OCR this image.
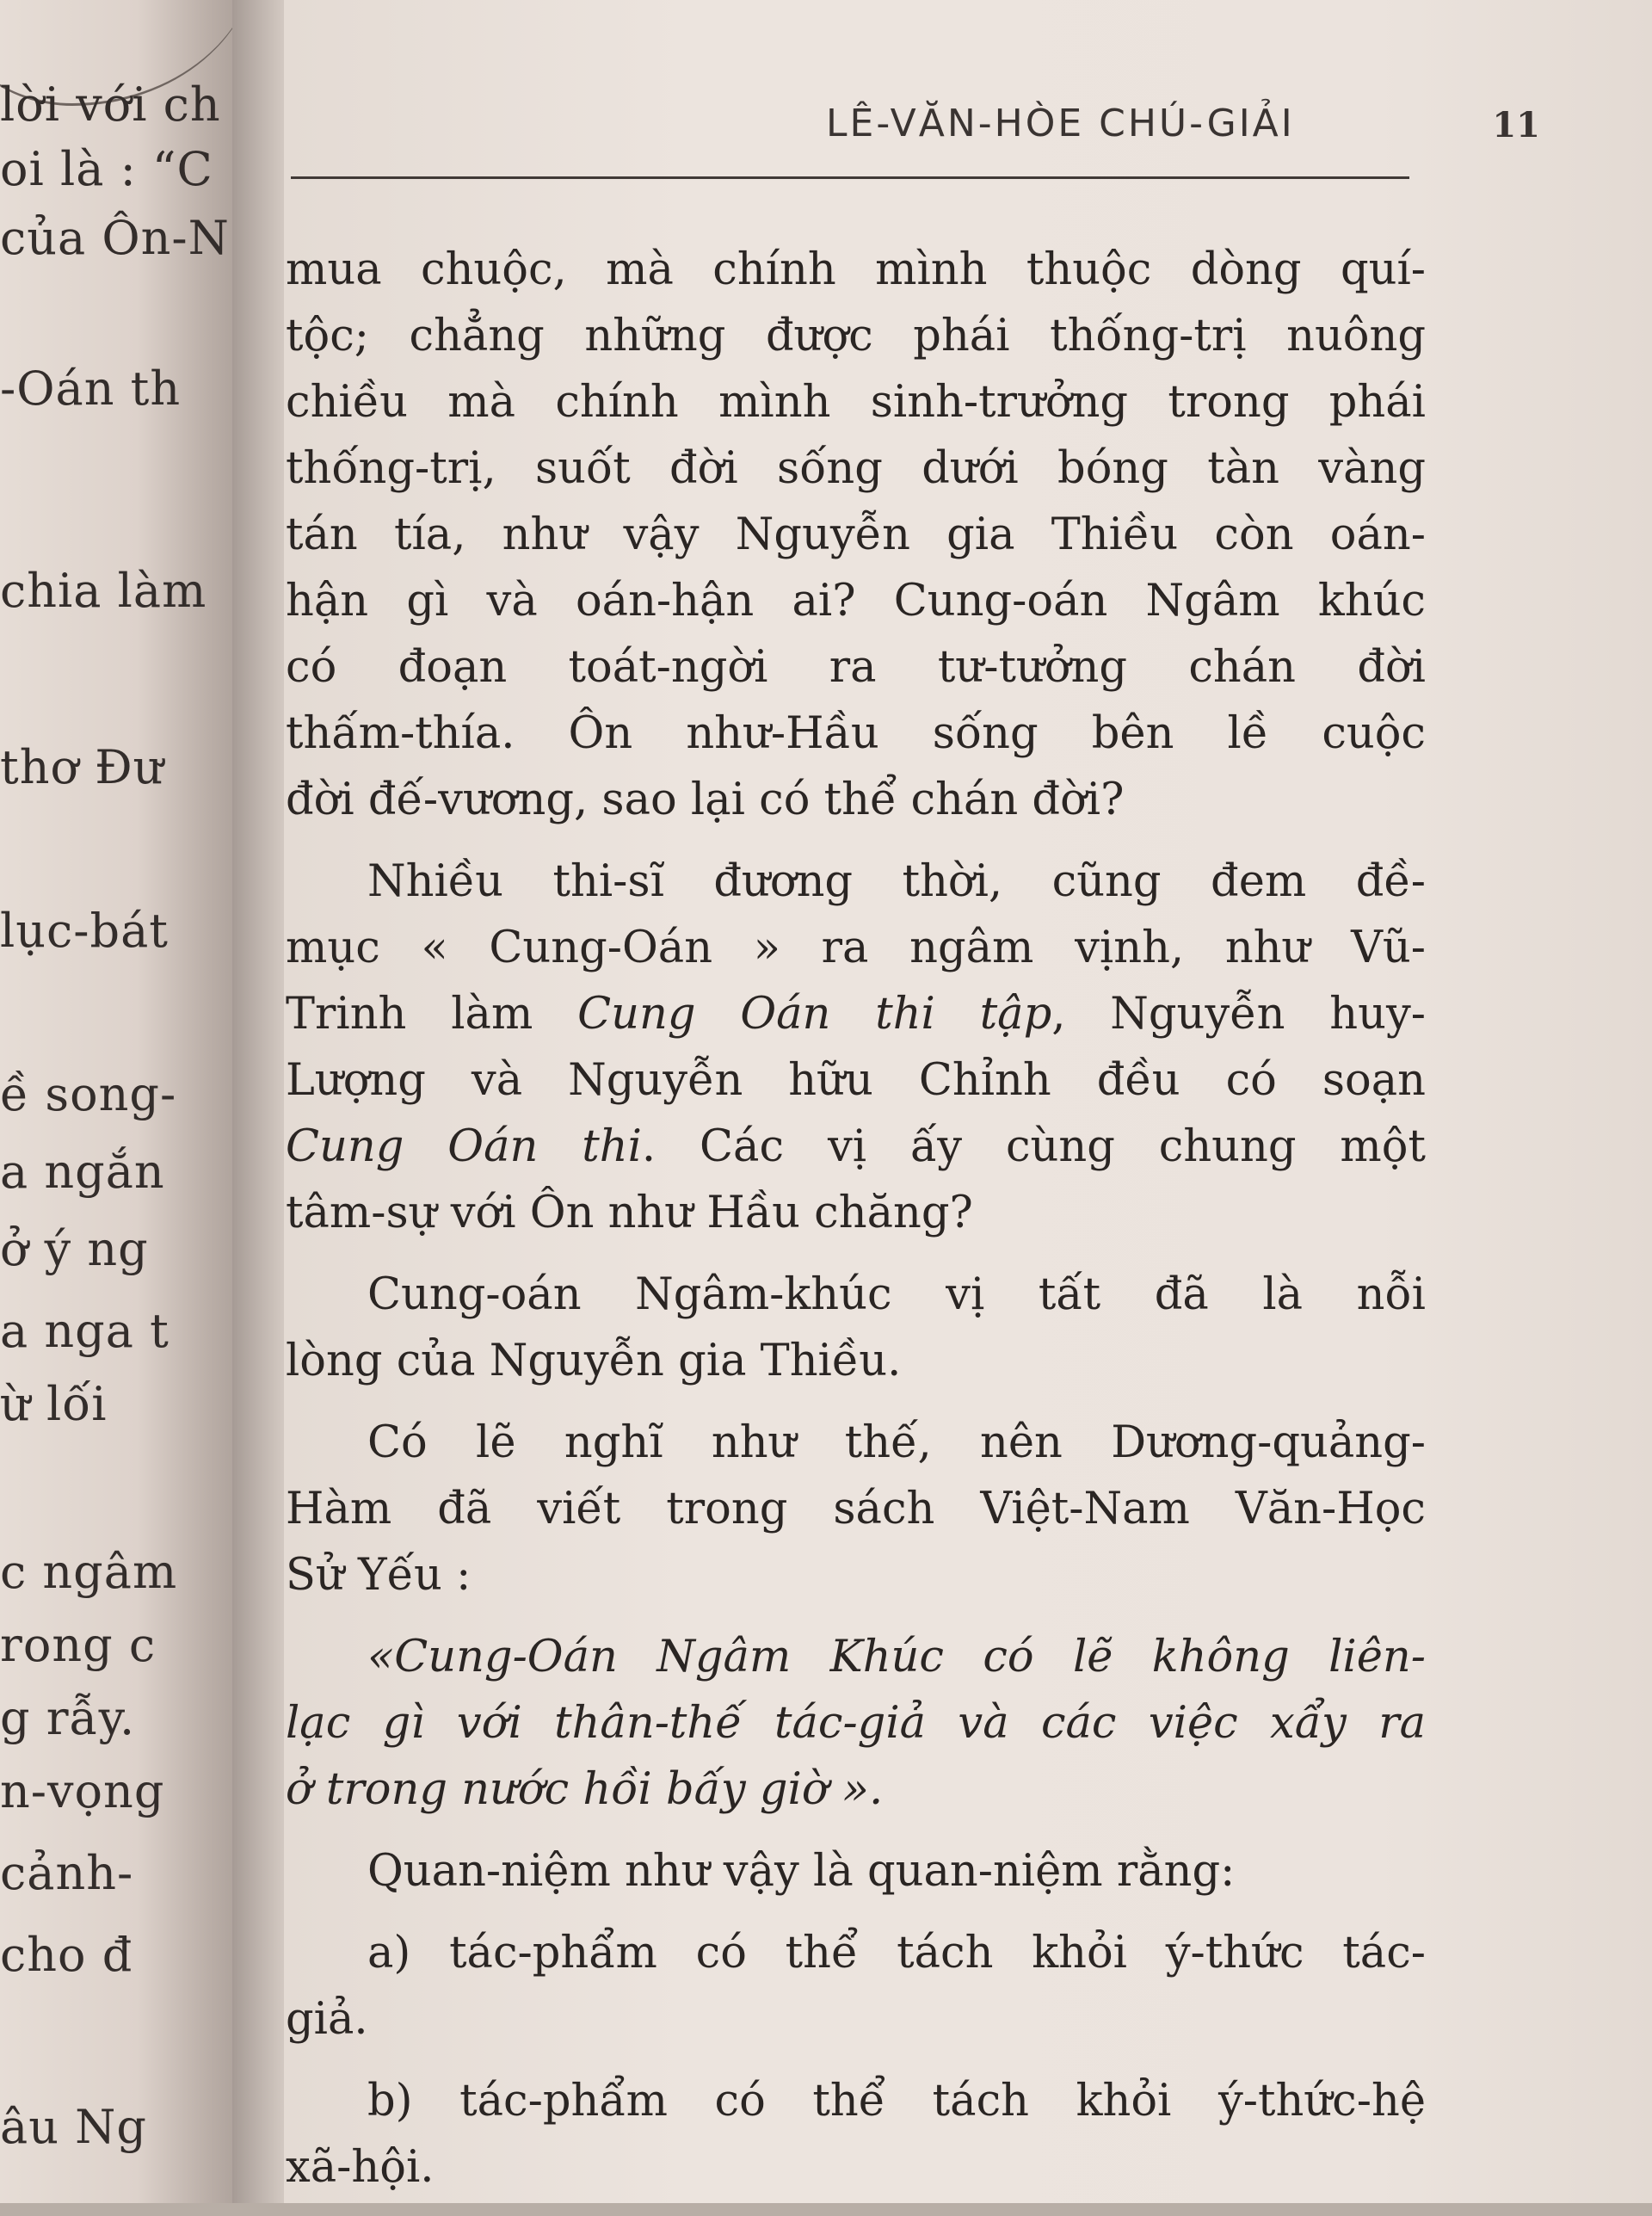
lời với ch
oi là : “C
của Ôn-N
-Oán th
chia làm
thơ Đư
lục-bát
ề song-
a ngắn
ở ý ng
a nga t
ừ lối
c ngâm
rong c
g rẫy.
n-vọng
cảnh-
cho đ
âu Ng
LÊ-VĂN-HÒE CHÚ-GIẢI	11
mua chuộc, mà chính mình thuộc dòng quí-
tộc; chẳng những được phái thống-trị nuông
chiều mà chính mình sinh-trưởng trong phái
thống-trị, suốt đời sống dưới bóng tàn vàng
tán tía, như vậy Nguyễn gia Thiều còn oán-
hận gì và oán-hận ai? Cung-oán Ngâm khúc
có đoạn toát-ngời ra tư-tưởng chán đời
thấm-thía. Ôn như-Hầu sống bên lề cuộc
đời đế-vương, sao lại có thể chán đời?
Nhiều thi-sĩ đương thời, cũng đem đề-
mục « Cung-Oán » ra ngâm vịnh, như Vũ-
Trinh làm Cung Oán thi tập, Nguyễn huy-
Lượng và Nguyễn hữu Chỉnh đều có soạn
Cung Oán thi. Các vị ấy cùng chung một
tâm-sự với Ôn như Hầu chăng?
Cung-oán Ngâm-khúc vị tất đã là nỗi
lòng của Nguyễn gia Thiều.
Có lẽ nghĩ như thế, nên Dương-quảng-
Hàm đã viết trong sách Việt-Nam Văn-Học
Sử Yếu :
«Cung-Oán Ngâm Khúc có lẽ không liên-
lạc gì với thân-thế tác-giả và các việc xẩy ra
ở trong nước hồi bấy giờ ».
Quan-niệm như vậy là quan-niệm rằng:
a) tác-phẩm có thể tách khỏi ý-thức tác-
giả.
b) tác-phẩm có thể tách khỏi ý-thức-hệ
xã-hội.
